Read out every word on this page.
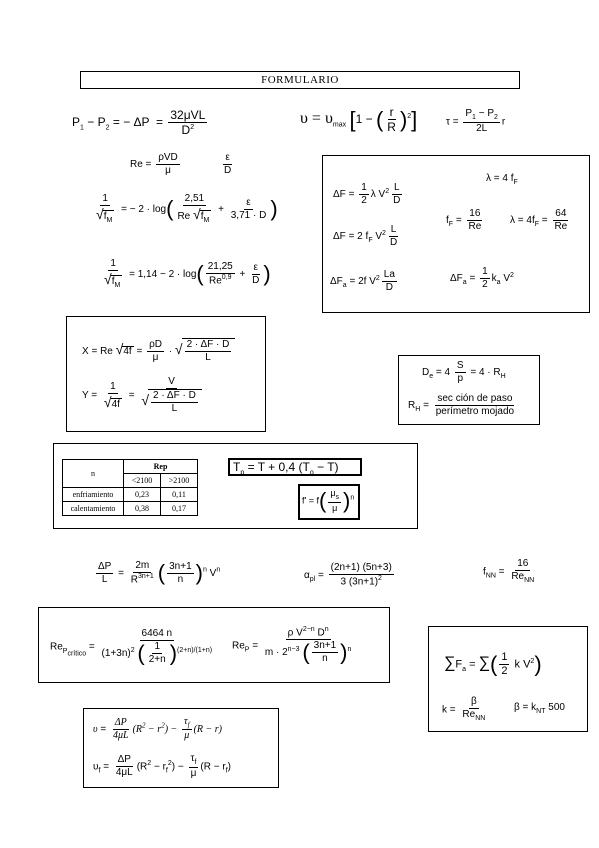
FORMULARIO
$P_1 - P_2$ = − $\Delta P = \frac{\text{32μVL}}{D^2}$	$\upsilon = \upsilon_{max}$ [1 − ( $\frac{r}{R} )^2$]	$\tau = \frac{P_1 - P_2}{2L}$ r
$Re = \frac{\text{ρVD}}{\mu}$	$\frac{\varepsilon}{D}$
$\frac{1}{√f_M}$ = − $2 \cdot \log( \frac{2,51}{Re √f_M} + \frac{\varepsilon}{3,71 \cdot D}$ )
$\frac{1}{√f_M} = 1,14 - 2 \cdot \log( \frac{21,25}{Re^{0,9}} + \frac{\varepsilon}{D}$ )
$\Delta F = \frac{1}{2}$ λ $V^2 \frac{L}{D}$
λ = 4 $f_F$
ΔF = 2 $f_F$ $V^2 \frac{L}{D}$
$f_F = \frac{16}{Re}$	$\lambda = 4f_F = \frac{64}{Re}$
$\Delta F_a = 2f$ $V^2 \frac{La}{D}$	$\Delta F_a = \frac{1}{2} k_a$ $V^2$
X = Re $√4f = \frac{\rho D}{\mu}$ · √ $\frac{2 \cdot \Delta F \cdot D}{L}$
$Y = \frac{1}{√4f} = \frac{V}{√ \frac{2 \cdot \Delta F \cdot D}{L}}$
$D_e = 4 \frac{S}{p} = 4 \cdot R_H$
$R_H = \frac{\text{sec ción de paso}}{\text{perímetro mojado}}$
n	Rep	
	<2100	>2100
enfriamiento	0,23	0,11
calentamiento	0,38	0,17
$T_p = T + 0,4$ $(T_o - T)$
$f' = f( \frac{\mu_s}{\mu} )^n$
$\frac{\Delta P}{L} = \frac{2m}{R^{3n+1}}$ ( $\frac{3n+1}{n} )^n$ $V^n$	$\alpha_{pl} = \frac{(2n+1) (5n+3)}{3 (3n+1)^2}$	$f_{NN} = \frac{16}{Re_{NN}}$
$Re_{P_{crítico}} = \frac{6464 n}{(1+3n)^2 ( \frac{1}{2+n} )^{(2+n)/(1+n)}} Re_P = \frac{\rho V^{2-n} D^n}{m \cdot 2^{n-3} ( \frac{3n+1}{n} )^n}$	$\sum F_a$ = ∑( $\frac{1}{2}$ k $V^2$)
$k = \frac{\beta}{Re_{NN}}$	$\beta = k_{NT}$ 500
$\upsilon = \frac{\Delta P}{4\mu L} (R^2 - r^2) - \frac{\tau_f}{\mu} (R - r)$
$\upsilon_f = \frac{\Delta P}{4\mu L} (R^2 - r_f^2) - \frac{\tau_f}{\mu} (R - r_f)$
